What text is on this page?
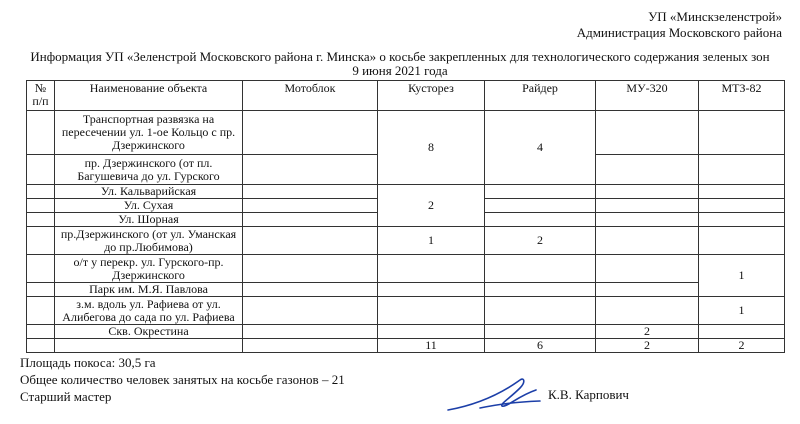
УП «Минскзеленстрой»
Администрация Московского района
Информация УП «Зеленстрой Московского района г. Минска» о косьбе закрепленных для технологического содержания зеленых зон
9 июня 2021 года
№ п/п	Наименование объекта	Мотоблок	Кусторез	Райдер	МУ-320	МТЗ-82
	Транспортная развязка на пересечении ул. 1-ое Кольцо с пр. Дзержинского		8	4		
	пр. Дзержинского (от пл. Багушевича до ул. Гурского					
	Ул. Кальварийская		2			
	Ул. Сухая					
	Ул. Шорная					
	пр.Дзержинского (от ул. Уманская до пр.Любимова)		1	2		
	о/т у перекр. ул. Гурского-пр. Дзержинского					1
	Парк им. М.Я. Павлова					
	з.м. вдоль ул. Рафиева от ул. Алибегова до сада по ул. Рафиева					1
	Скв. Окрестина				2	
			11	6	2	2
Площадь покоса: 30,5 га
Общее количество человек занятых на косьбе газонов – 21
Старший мастер	К.В. Карпович
